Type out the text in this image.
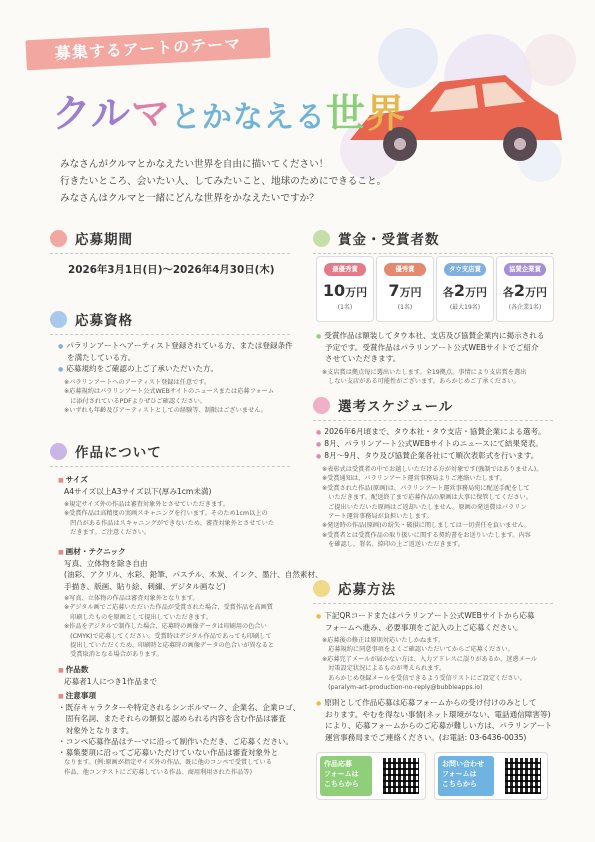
募集するアートのテーマ
クルマとかなえる世界
みなさんがクルマとかなえたい世界を自由に描いてください！
行きたいところ、会いたい人、してみたいこと、地球のためにできること。
みなさんはクルマと一緒にどんな世界をかなえたいですか？
応募期間
2026年3月1日(日)〜2026年4月30日(木)
応募資格
● パラリンアートへアーティスト登録されている方、または登録条件
を満たしている方。
● 応募規約をご確認の上ご了承いただいた方。
※パラリンアートへのアーティスト登録は任意です。
※応募規約はパラリンアート公式WEBサイトのニュースまたは応募フォーム
　に添付されているPDFよりぜひご確認ください。
※いずれも年齢及びアーティストとしての経験等、制限はございません。
作品について
■ サイズ
A4サイズ以上A3サイズ以下(厚み1cm未満)
※規定サイズ外の作品は審査対象外とさせていただきます。
※受賞作品は高精度の実画スキャニングを行います。そのため1cm以上の
　凹凸がある作品はスキャニングができないため、審査対象外とさせていた
　だきます。ご注意ください。
■ 画材・テクニック
写真、立体物を除き自由
(油彩、アクリル、水彩、鉛筆、パステル、木炭、インク、墨汁、自然素材、
手描き、版画、貼り絵、刺繍、デジタル画など)
※写真、立体物の作品は審査対象外となります。
※デジタル画でご応募いただいた作品が受賞された場合、受賞作品を高画質
　印刷したものを原画として提出していただきます。
※作品をデジタルで制作した場合、応募時の画像データは印刷用の色合い
　(CMYK)で応募してください。受賞時はデジタル作品であっても印刷して
　提出していただくため、印刷時と応募時の画像データの色合いが異なると
　受賞取消となる場合があります。
■ 作品数
応募者1人につき1作品まで
■ 注意事項
・既存キャラクターや特定されるシンボルマーク、企業名、企業ロゴ、
　固有名詞、またそれらの類似と認められる内容を含む作品は審査
　対象外となります。
・コンペ応募作品はテーマに沿って制作いただき、ご応募ください。
・募集要項に沿ってご応募いただけていない作品は審査対象外と
　なります。(例:原画が指定サイズ外の作品、既に他のコンペで受賞している
　作品、他コンテストにご応募している作品、商用利用された作品等)
賞金・受賞者数
最優秀賞
10万円
(1名)
優秀賞
7万円
(1名)
タウ支店賞
各2万円
(最大19名)
協賛企業賞
各2万円
(各企業1名)
● 受賞作品は額装してタウ本社、支店及び協賛企業内に掲示される
予定です。受賞作品はパラリンアート公式WEBサイトでご紹介
させていただきます。
※支店賞は拠点毎に選出いたします。全19拠点。事情により支店賞を選出
　しない支店がある可能性がございます。あらかじめご了承ください。
選考スケジュール
● 2026年6月頃まで、タウ本社・タウ支店・協賛企業による選考。
● 8月、パラリンアート公式WEBサイトのニュースにて結果発表。
● 8月〜9月、タウ及び協賛企業各社にて順次表彰式を行います。
※表彰式は受賞者の中でお越しいただける方が対象です(強制ではありません)。
※受賞通知は、パラリンアート運営事務局よりご連絡いたします。
※受賞された作品(原画)は、パラリンアート運営事務局宛に配送手配をして
　いただきます。配送終了まで応募作品の原画は大事に保管してください。
　ご提出いただいた原画はご返却いたしません。原画の発送費はパラリン
　アート運営事務局が負担いたします。
※発送時の作品(原画)の紛失・破損に関しましては一切責任を負いません。
※受賞者とは受賞作品の取り扱いに関する契約書をお送りいたします。内容
　を確認し、署名、捺印の上ご返送いただきます。
応募方法
● 下記QRコードまたはパラリンアート公式WEBサイトから応募
フォームへ進み、必要事項をご記入の上ご応募ください。
※応募後の修正は原則対応いたしかねます。
　応募規約に同意事項をよくご確認いただいてからご応募ください。
※応募完了メールが届かない方は、入力アドレスに誤りがあるか、迷惑メール
　対策設定状況によるものが考えられます。
　あらかじめ登録メールを受信できるよう受信リストにご設定ください。
　(paralym-art-production-no-reply@bubbleapps.io)
● 原則として作品応募は応募フォームからの受け付けのみとして
おります。やむを得ない事情(ネット環境がない、電話通信障害等)
により、応募フォームからのご応募が難しい方は、パラリンアート
運営事務局までご連絡ください。(お電話: 03-6436-0035)
作品応募
フォームは
こちらから
お問い合わせ
フォームは
こちらから
